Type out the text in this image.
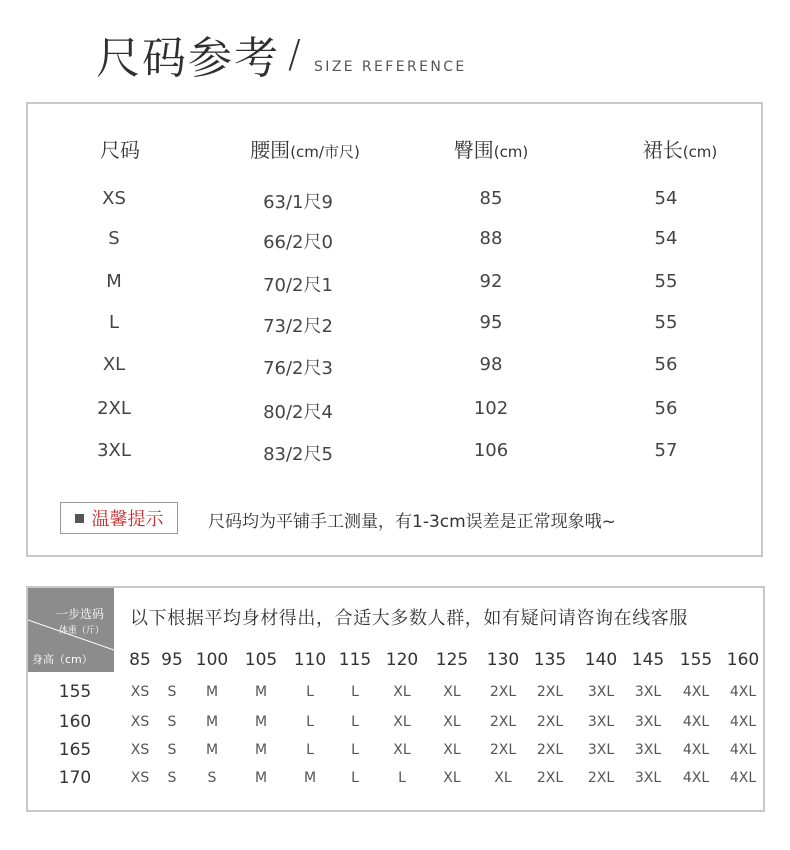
尺码参考 / SIZE REFERENCE
尺码	腰围(cm/市尺)	臀围(cm)	裙长(cm)
XS	63/1尺9	85	54
S	66/2尺0	88	54
M	70/2尺1	92	55
L	73/2尺2	95	55
XL	76/2尺3	98	56
2XL	80/2尺4	102	56
3XL	83/2尺5	106	57
温馨提示	尺码均为平铺手工测量，有1-3cm误差是正常现象哦~
一步选码
体重（斤）
身高（cm）
以下根据平均身材得出，合适大多数人群，如有疑问请咨询在线客服
85 95 100 105 110 115 120 125 130 135 140 145 155 160
155	XS S M	M	L	L XL XL 2XL 2XL 3XL 3XL 4XL 4XL
160	XS S M	M	L	L XL XL 2XL 2XL 3XL 3XL 4XL 4XL
165	XS S M	M	L	L XL XL 2XL 2XL 3XL 3XL 4XL 4XL
170	XS S S	M	M	L	L	XL XL 2XL 2XL 3XL 4XL 4XL
